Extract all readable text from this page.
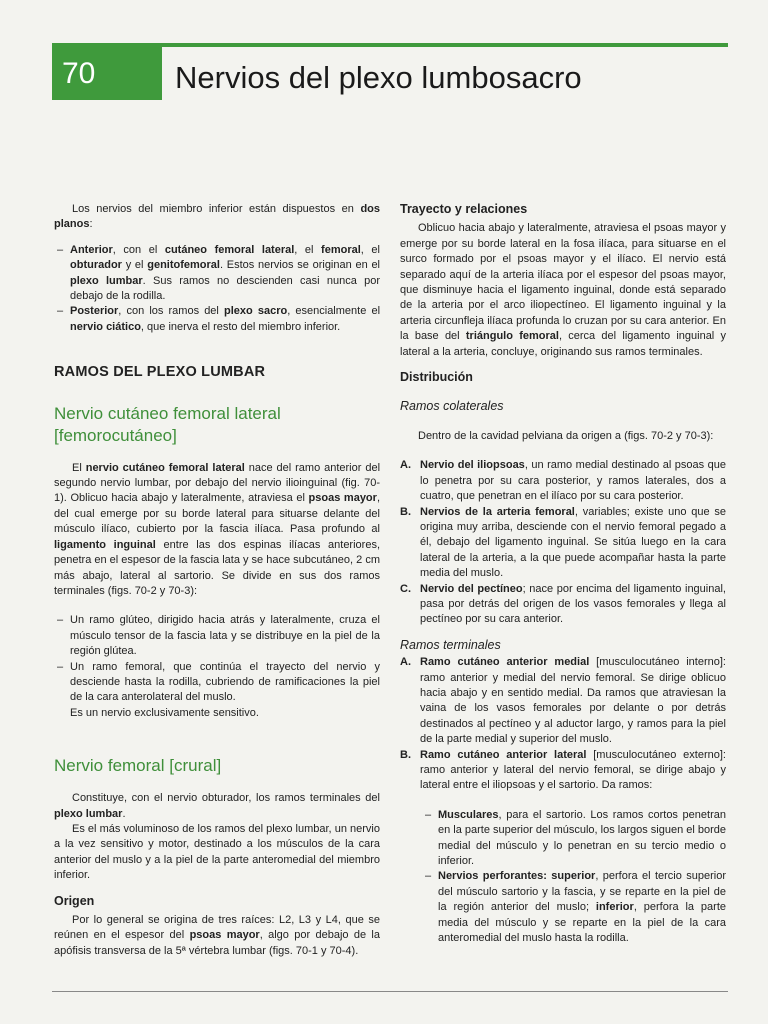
70	Nervios del plexo lumbosacro

Los nervios del miembro inferior están dispuestos en dos planos:

– Anterior, con el cutáneo femoral lateral, el femoral, el obturador y el genitofemoral. Estos nervios se originan en el plexo lumbar. Sus ramos no descienden casi nunca por debajo de la rodilla.
– Posterior, con los ramos del plexo sacro, esencialmente el nervio ciático, que inerva el resto del miembro inferior.
RAMOS DEL PLEXO LUMBAR
Nervio cutáneo femoral lateral [femorocutáneo]

El nervio cutáneo femoral lateral nace del ramo anterior del segundo nervio lumbar, por debajo del nervio ilioinguinal (fig. 70-1). Oblicuo hacia abajo y lateralmente, atraviesa el psoas mayor, del cual emerge por su borde lateral para situarse delante del músculo ilíaco, cubierto por la fascia ilíaca. Pasa profundo al ligamento inguinal entre las dos espinas ilíacas anteriores, penetra en el espesor de la fascia lata y se hace subcutáneo, 2 cm más abajo, lateral al sartorio. Se divide en sus dos ramos terminales (figs. 70-2 y 70-3):

– Un ramo glúteo, dirigido hacia atrás y lateralmente, cruza el músculo tensor de la fascia lata y se distribuye en la piel de la región glútea.
– Un ramo femoral, que continúa el trayecto del nervio y desciende hasta la rodilla, cubriendo de ramificaciones la piel de la cara anterolateral del muslo.

Es un nervio exclusivamente sensitivo.

Nervio femoral [crural]

Constituye, con el nervio obturador, los ramos terminales del plexo lumbar.

Es el más voluminoso de los ramos del plexo lumbar, un nervio a la vez sensitivo y motor, destinado a los músculos de la cara anterior del muslo y a la piel de la parte anteromedial del miembro inferior.

Origen

Por lo general se origina de tres raíces: L2, L3 y L4, que se reúnen en el espesor del psoas mayor, algo por debajo de la apófisis transversa de la 5ª vértebra lumbar (figs. 70-1 y 70-4).

Trayecto y relaciones

Oblicuo hacia abajo y lateralmente, atraviesa el psoas mayor y emerge por su borde lateral en la fosa ilíaca, para situarse en el surco formado por el psoas mayor y el ilíaco. El nervio está separado aquí de la arteria ilíaca por el espesor del psoas mayor, que disminuye hacia el ligamento inguinal, donde está separado de la arteria por el arco iliopectíneo. El ligamento inguinal y la arteria circunfleja ilíaca profunda lo cruzan por su cara anterior. En la base del triángulo femoral, cerca del ligamento inguinal y lateral a la arteria, concluye, originando sus ramos terminales.

Distribución
Ramos colaterales

Dentro de la cavidad pelviana da origen a (figs. 70-2 y 70-3):

A. Nervio del iliopsoas, un ramo medial destinado al psoas que lo penetra por su cara posterior, y ramos laterales, dos a cuatro, que penetran en el ilíaco por su cara posterior.
B. Nervios de la arteria femoral, variables; existe uno que se origina muy arriba, desciende con el nervio femoral pegado a él, debajo del ligamento inguinal. Se sitúa luego en la cara lateral de la arteria, a la que puede acompañar hasta la parte media del muslo.
C. Nervio del pectíneo; nace por encima del ligamento inguinal, pasa por detrás del origen de los vasos femorales y llega al pectíneo por su cara anterior.
Ramos terminales
A. Ramo cutáneo anterior medial [musculocutáneo interno]: ramo anterior y medial del nervio femoral. Se dirige oblicuo hacia abajo y en sentido medial. Da ramos que atraviesan la vaina de los vasos femorales por delante o por detrás destinados al pectíneo y al aductor largo, y ramos para la piel de la parte medial y superior del muslo.
B. Ramo cutáneo anterior lateral [musculocutáneo externo]: ramo anterior y lateral del nervio femoral, se dirige abajo y lateral entre el iliopsoas y el sartorio. Da ramos:
– Musculares, para el sartorio. Los ramos cortos penetran en la parte superior del músculo, los largos siguen el borde medial del músculo y lo penetran en su tercio medio o inferior.
– Nervios perforantes: superior, perfora el tercio superior del músculo sartorio y la fascia, y se reparte en la piel de la región anterior del muslo; inferior, perfora la parte media del músculo y se reparte en la piel de la cara anteromedial del muslo hasta la rodilla.
